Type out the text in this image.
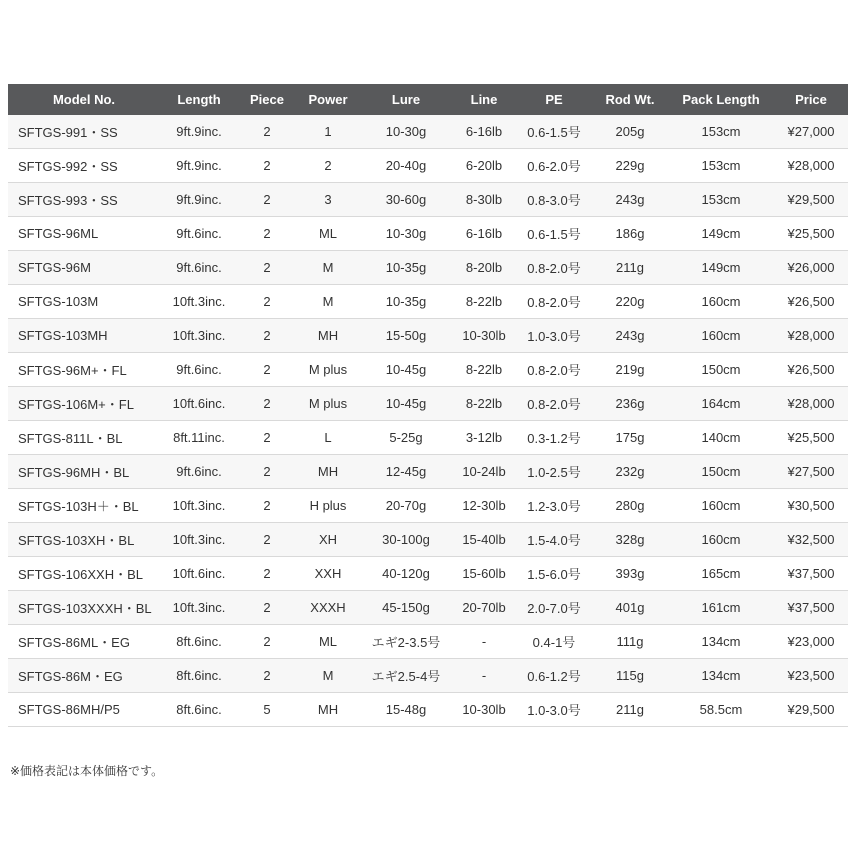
Model No.	Length	Piece	Power	Lure	Line	PE	Rod Wt.	Pack Length	Price
SFTGS-991・SS	9ft.9inc.	2	1	10-30g	6-16lb	0.6-1.5号	205g	153cm	¥27,000
SFTGS-992・SS	9ft.9inc.	2	2	20-40g	6-20lb	0.6-2.0号	229g	153cm	¥28,000
SFTGS-993・SS	9ft.9inc.	2	3	30-60g	8-30lb	0.8-3.0号	243g	153cm	¥29,500
SFTGS-96ML	9ft.6inc.	2	ML	10-30g	6-16lb	0.6-1.5号	186g	149cm	¥25,500
SFTGS-96M	9ft.6inc.	2	M	10-35g	8-20lb	0.8-2.0号	211g	149cm	¥26,000
SFTGS-103M	10ft.3inc.	2	M	10-35g	8-22lb	0.8-2.0号	220g	160cm	¥26,500
SFTGS-103MH	10ft.3inc.	2	MH	15-50g	10-30lb	1.0-3.0号	243g	160cm	¥28,000
SFTGS-96M+・FL	9ft.6inc.	2	M plus	10-45g	8-22lb	0.8-2.0号	219g	150cm	¥26,500
SFTGS-106M+・FL	10ft.6inc.	2	M plus	10-45g	8-22lb	0.8-2.0号	236g	164cm	¥28,000
SFTGS-811L・BL	8ft.11inc.	2	L	5-25g	3-12lb	0.3-1.2号	175g	140cm	¥25,500
SFTGS-96MH・BL	9ft.6inc.	2	MH	12-45g	10-24lb	1.0-2.5号	232g	150cm	¥27,500
SFTGS-103H＋・BL	10ft.3inc.	2	H plus	20-70g	12-30lb	1.2-3.0号	280g	160cm	¥30,500
SFTGS-103XH・BL	10ft.3inc.	2	XH	30-100g	15-40lb	1.5-4.0号	328g	160cm	¥32,500
SFTGS-106XXH・BL	10ft.6inc.	2	XXH	40-120g	15-60lb	1.5-6.0号	393g	165cm	¥37,500
SFTGS-103XXXH・BL	10ft.3inc.	2	XXXH	45-150g	20-70lb	2.0-7.0号	401g	161cm	¥37,500
SFTGS-86ML・EG	8ft.6inc.	2	ML	エギ2-3.5号	-	0.4-1号	111g	134cm	¥23,000
SFTGS-86M・EG	8ft.6inc.	2	M	エギ2.5-4号	-	0.6-1.2号	115g	134cm	¥23,500
SFTGS-86MH/P5	8ft.6inc.	5	MH	15-48g	10-30lb	1.0-3.0号	211g	58.5cm	¥29,500
※価格表記は本体価格です。
